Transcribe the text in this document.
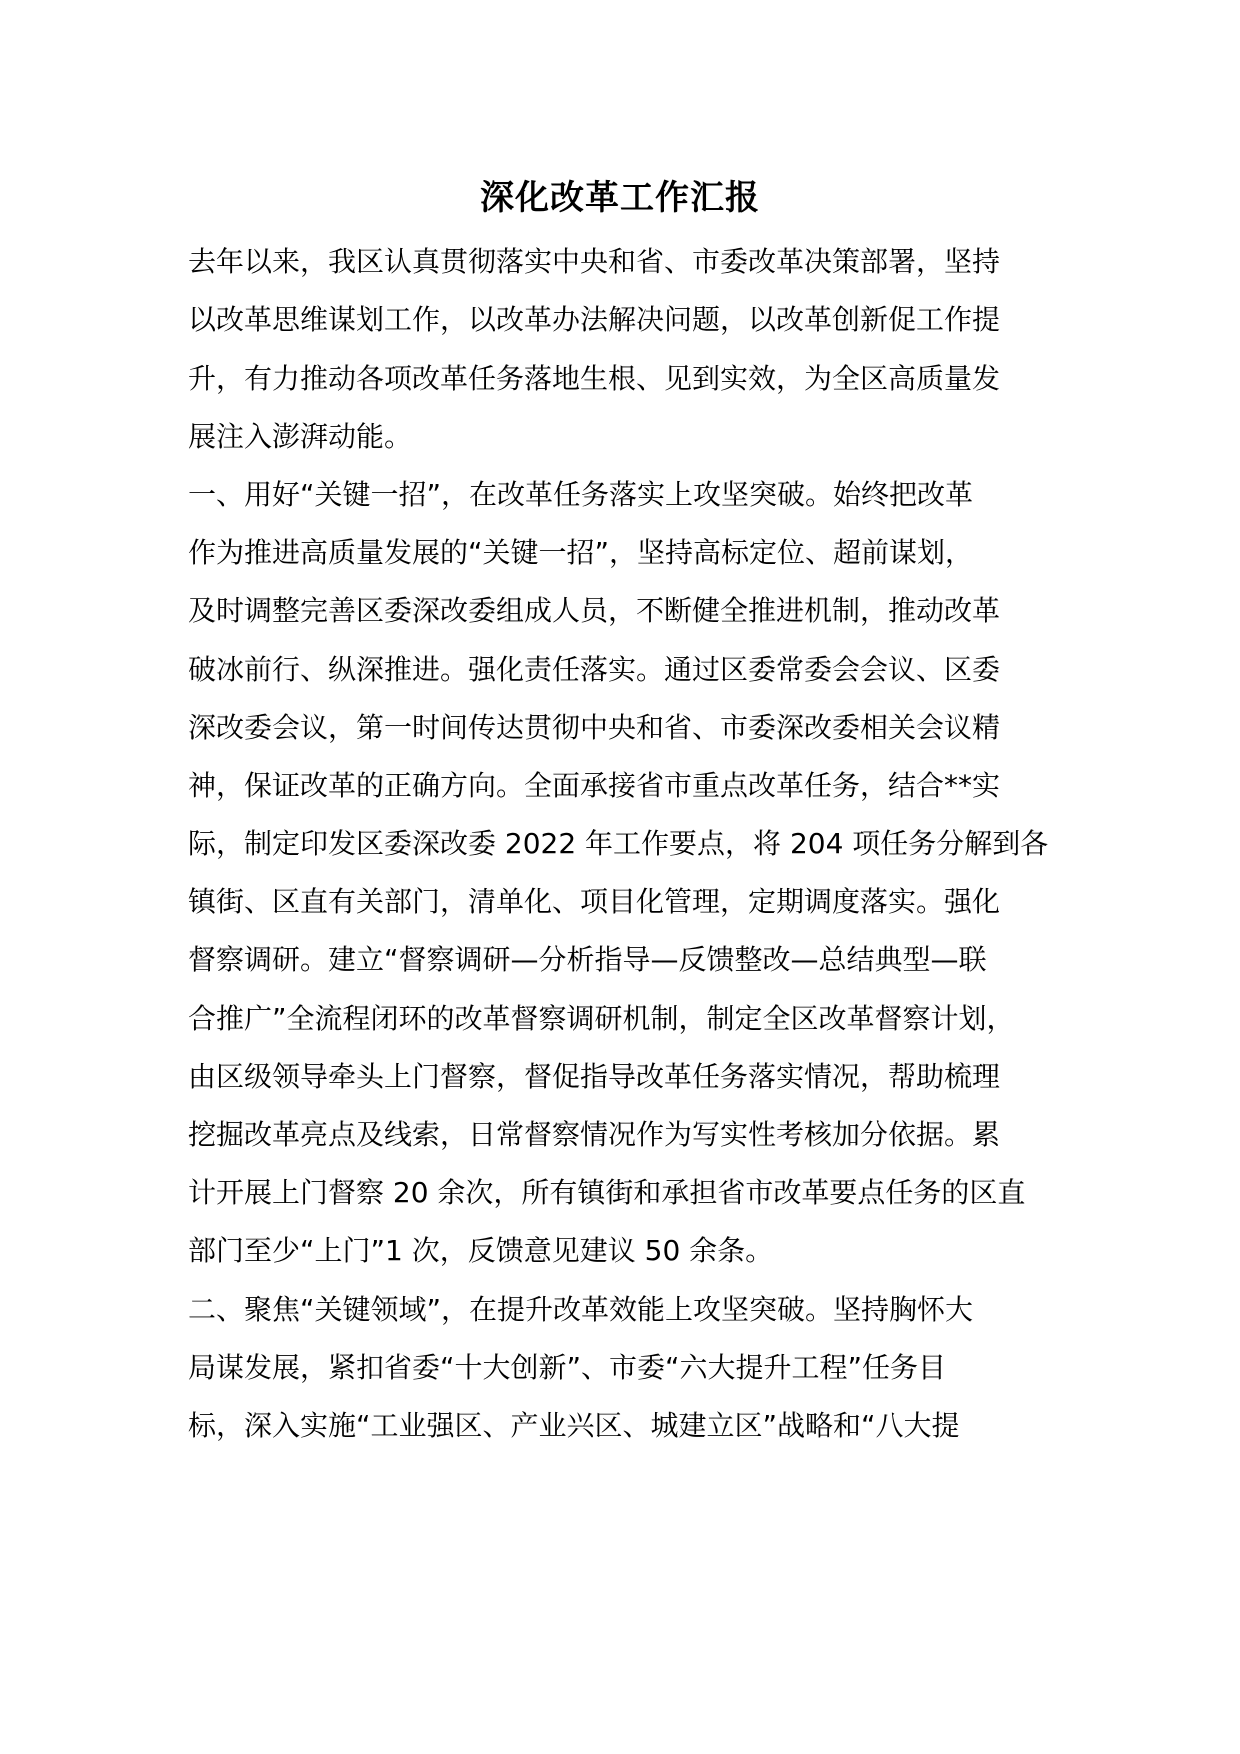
深化改革工作汇报
去年以来，我区认真贯彻落实中央和省、市委改革决策部署，坚持
以改革思维谋划工作，以改革办法解决问题，以改革创新促工作提
升，有力推动各项改革任务落地生根、见到实效，为全区高质量发
展注入澎湃动能。
一、用好“关键一招”，在改革任务落实上攻坚突破。始终把改革
作为推进高质量发展的“关键一招”，坚持高标定位、超前谋划，
及时调整完善区委深改委组成人员，不断健全推进机制，推动改革
破冰前行、纵深推进。强化责任落实。通过区委常委会会议、区委
深改委会议，第一时间传达贯彻中央和省、市委深改委相关会议精
神，保证改革的正确方向。全面承接省市重点改革任务，结合**实
际，制定印发区委深改委 2022 年工作要点，将 204 项任务分解到各
镇街、区直有关部门，清单化、项目化管理，定期调度落实。强化
督察调研。建立“督察调研—分析指导—反馈整改—总结典型—联
合推广”全流程闭环的改革督察调研机制，制定全区改革督察计划，
由区级领导牵头上门督察，督促指导改革任务落实情况，帮助梳理
挖掘改革亮点及线索，日常督察情况作为写实性考核加分依据。累
计开展上门督察 20 余次，所有镇街和承担省市改革要点任务的区直
部门至少“上门”1 次，反馈意见建议 50 余条。
二、聚焦“关键领域”，在提升改革效能上攻坚突破。坚持胸怀大
局谋发展，紧扣省委“十大创新”、市委“六大提升工程”任务目
标，深入实施“工业强区、产业兴区、城建立区”战略和“八大提
